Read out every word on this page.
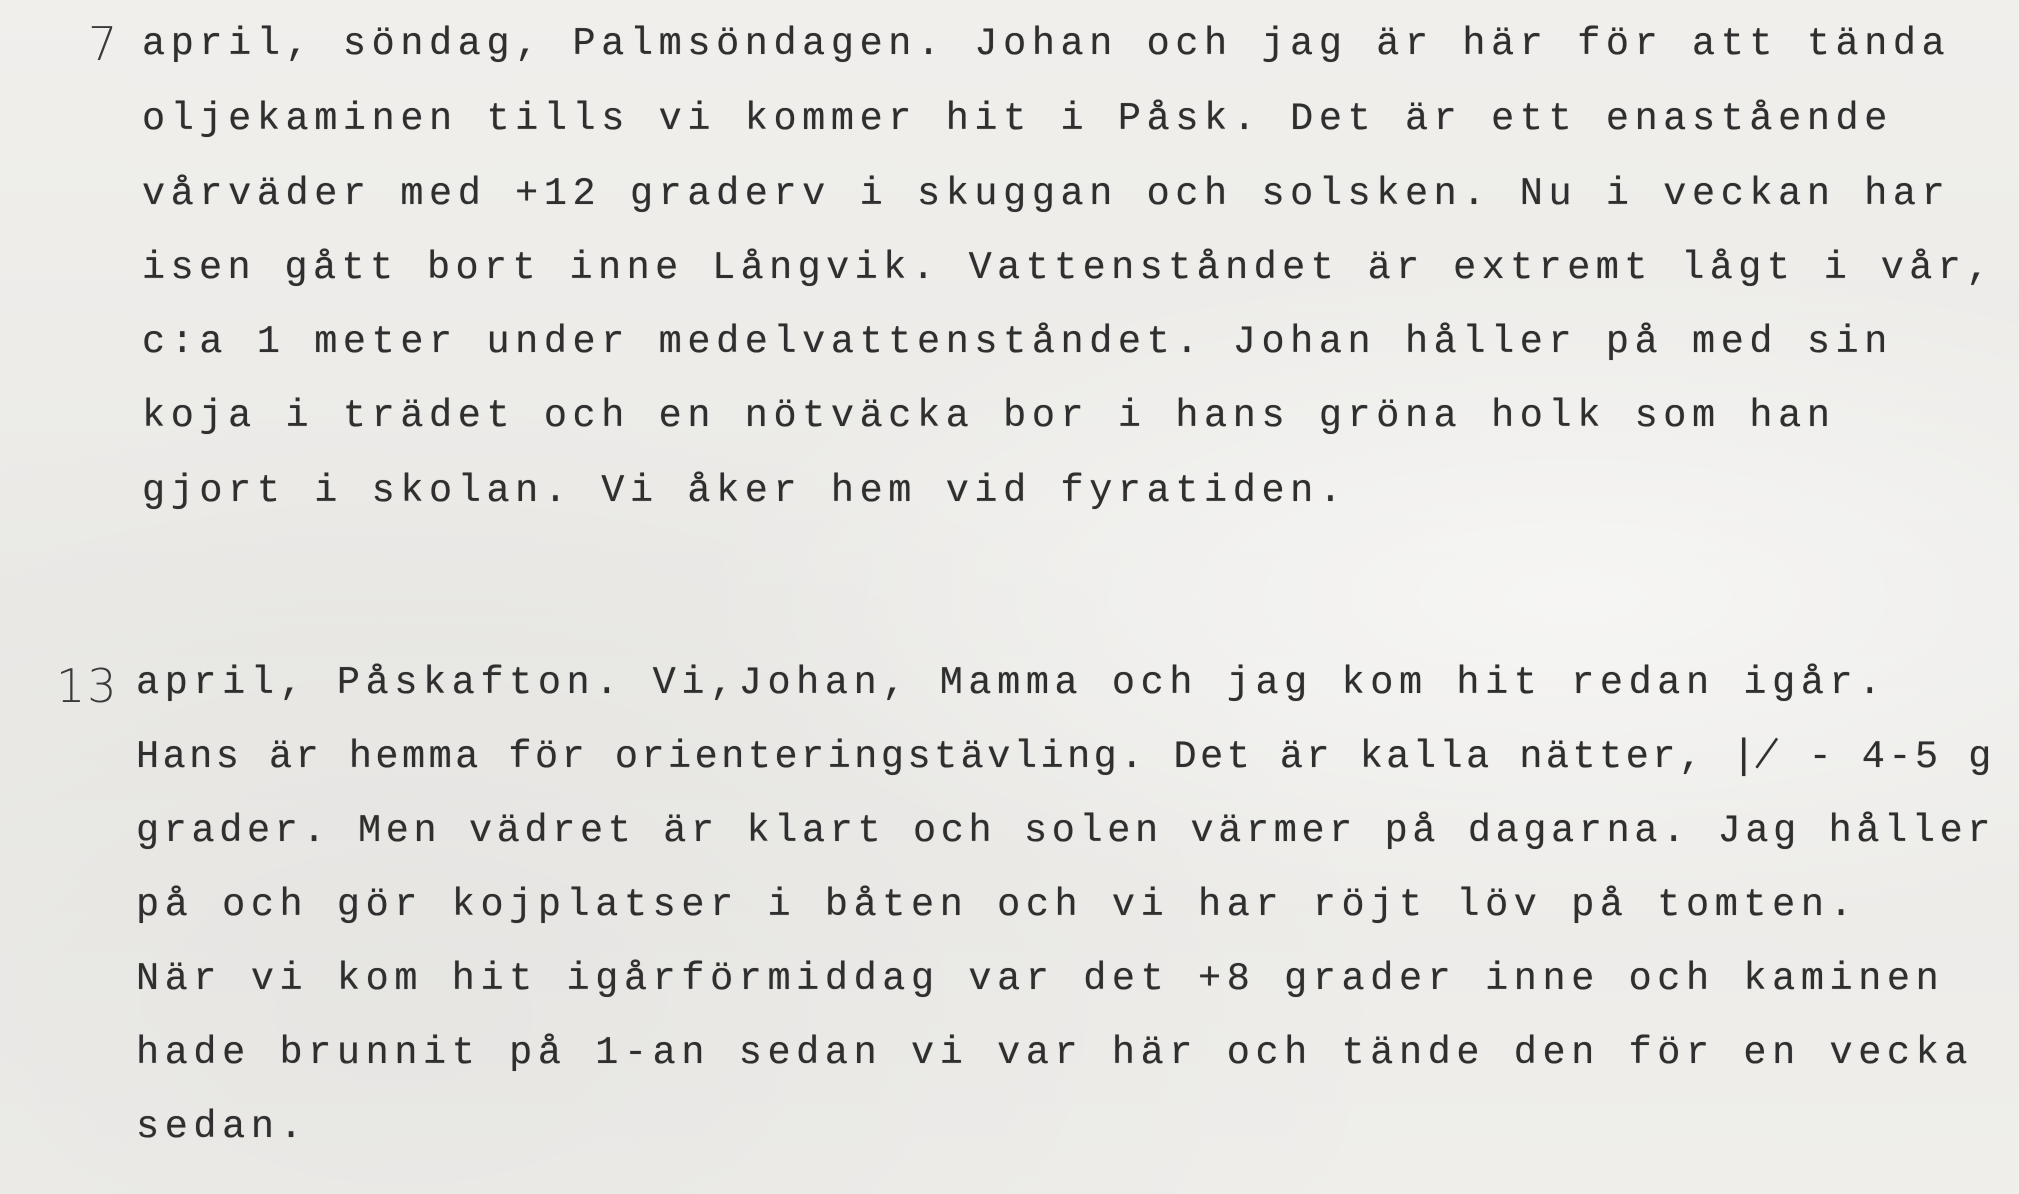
7 april, söndag, Palmsöndagen. Johan och jag är här för att tända
oljekaminen tills vi kommer hit i Påsk. Det är ett enastående
vårväder med +12 graderv i skuggan och solsken. Nu i veckan har
isen gått bort inne Långvik. Vattenståndet är extremt lågt i vår,
c:a 1 meter under medelvattenståndet. Johan håller på med sin
koja i trädet och en nötväcka bor i hans gröna holk som han
gjort i skolan. Vi åker hem vid fyratiden.
13 april, Påskafton. Vi,Johan, Mamma och jag kom hit redan igår.
Hans är hemma för orienteringstävling. Det är kalla nätter, ∤ - 4-5 g
grader. Men vädret är klart och solen värmer på dagarna. Jag håller
på och gör kojplatser i båten och vi har röjt löv på tomten.
När vi kom hit igårförmiddag var det +8 grader inne och kaminen
hade brunnit på 1-an sedan vi var här och tände den för en vecka
sedan.
